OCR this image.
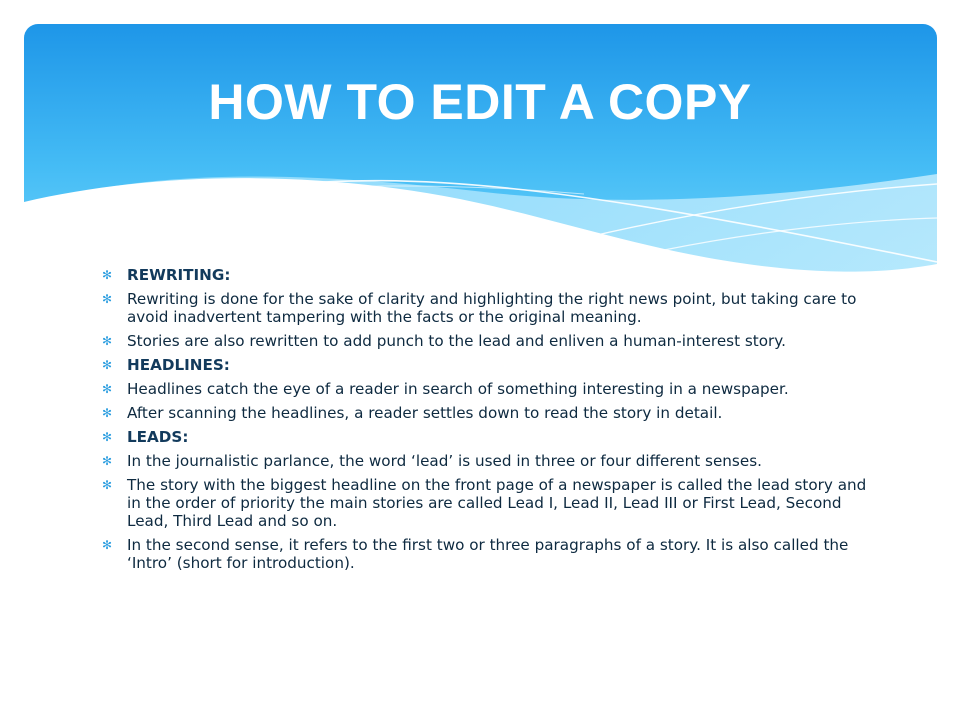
HOW TO EDIT A COPY
✻ REWRITING:
✻ Rewriting is done for the sake of clarity and highlighting the right news point, but taking care to avoid inadvertent tampering with the facts or the original meaning.
✻ Stories are also rewritten to add punch to the lead and enliven a human-interest story.
✻ HEADLINES:
✻ Headlines catch the eye of a reader in search of something interesting in a newspaper.
✻ After scanning the headlines, a reader settles down to read the story in detail.
✻ LEADS:
✻ In the journalistic parlance, the word ‘lead’ is used in three or four different senses.
✻ The story with the biggest headline on the front page of a newspaper is called the lead story and in the order of priority the main stories are called Lead I, Lead II, Lead III or First Lead, Second Lead, Third Lead and so on.
✻ In the second sense, it refers to the first two or three paragraphs of a story. It is also called the ‘Intro’ (short for introduction).
